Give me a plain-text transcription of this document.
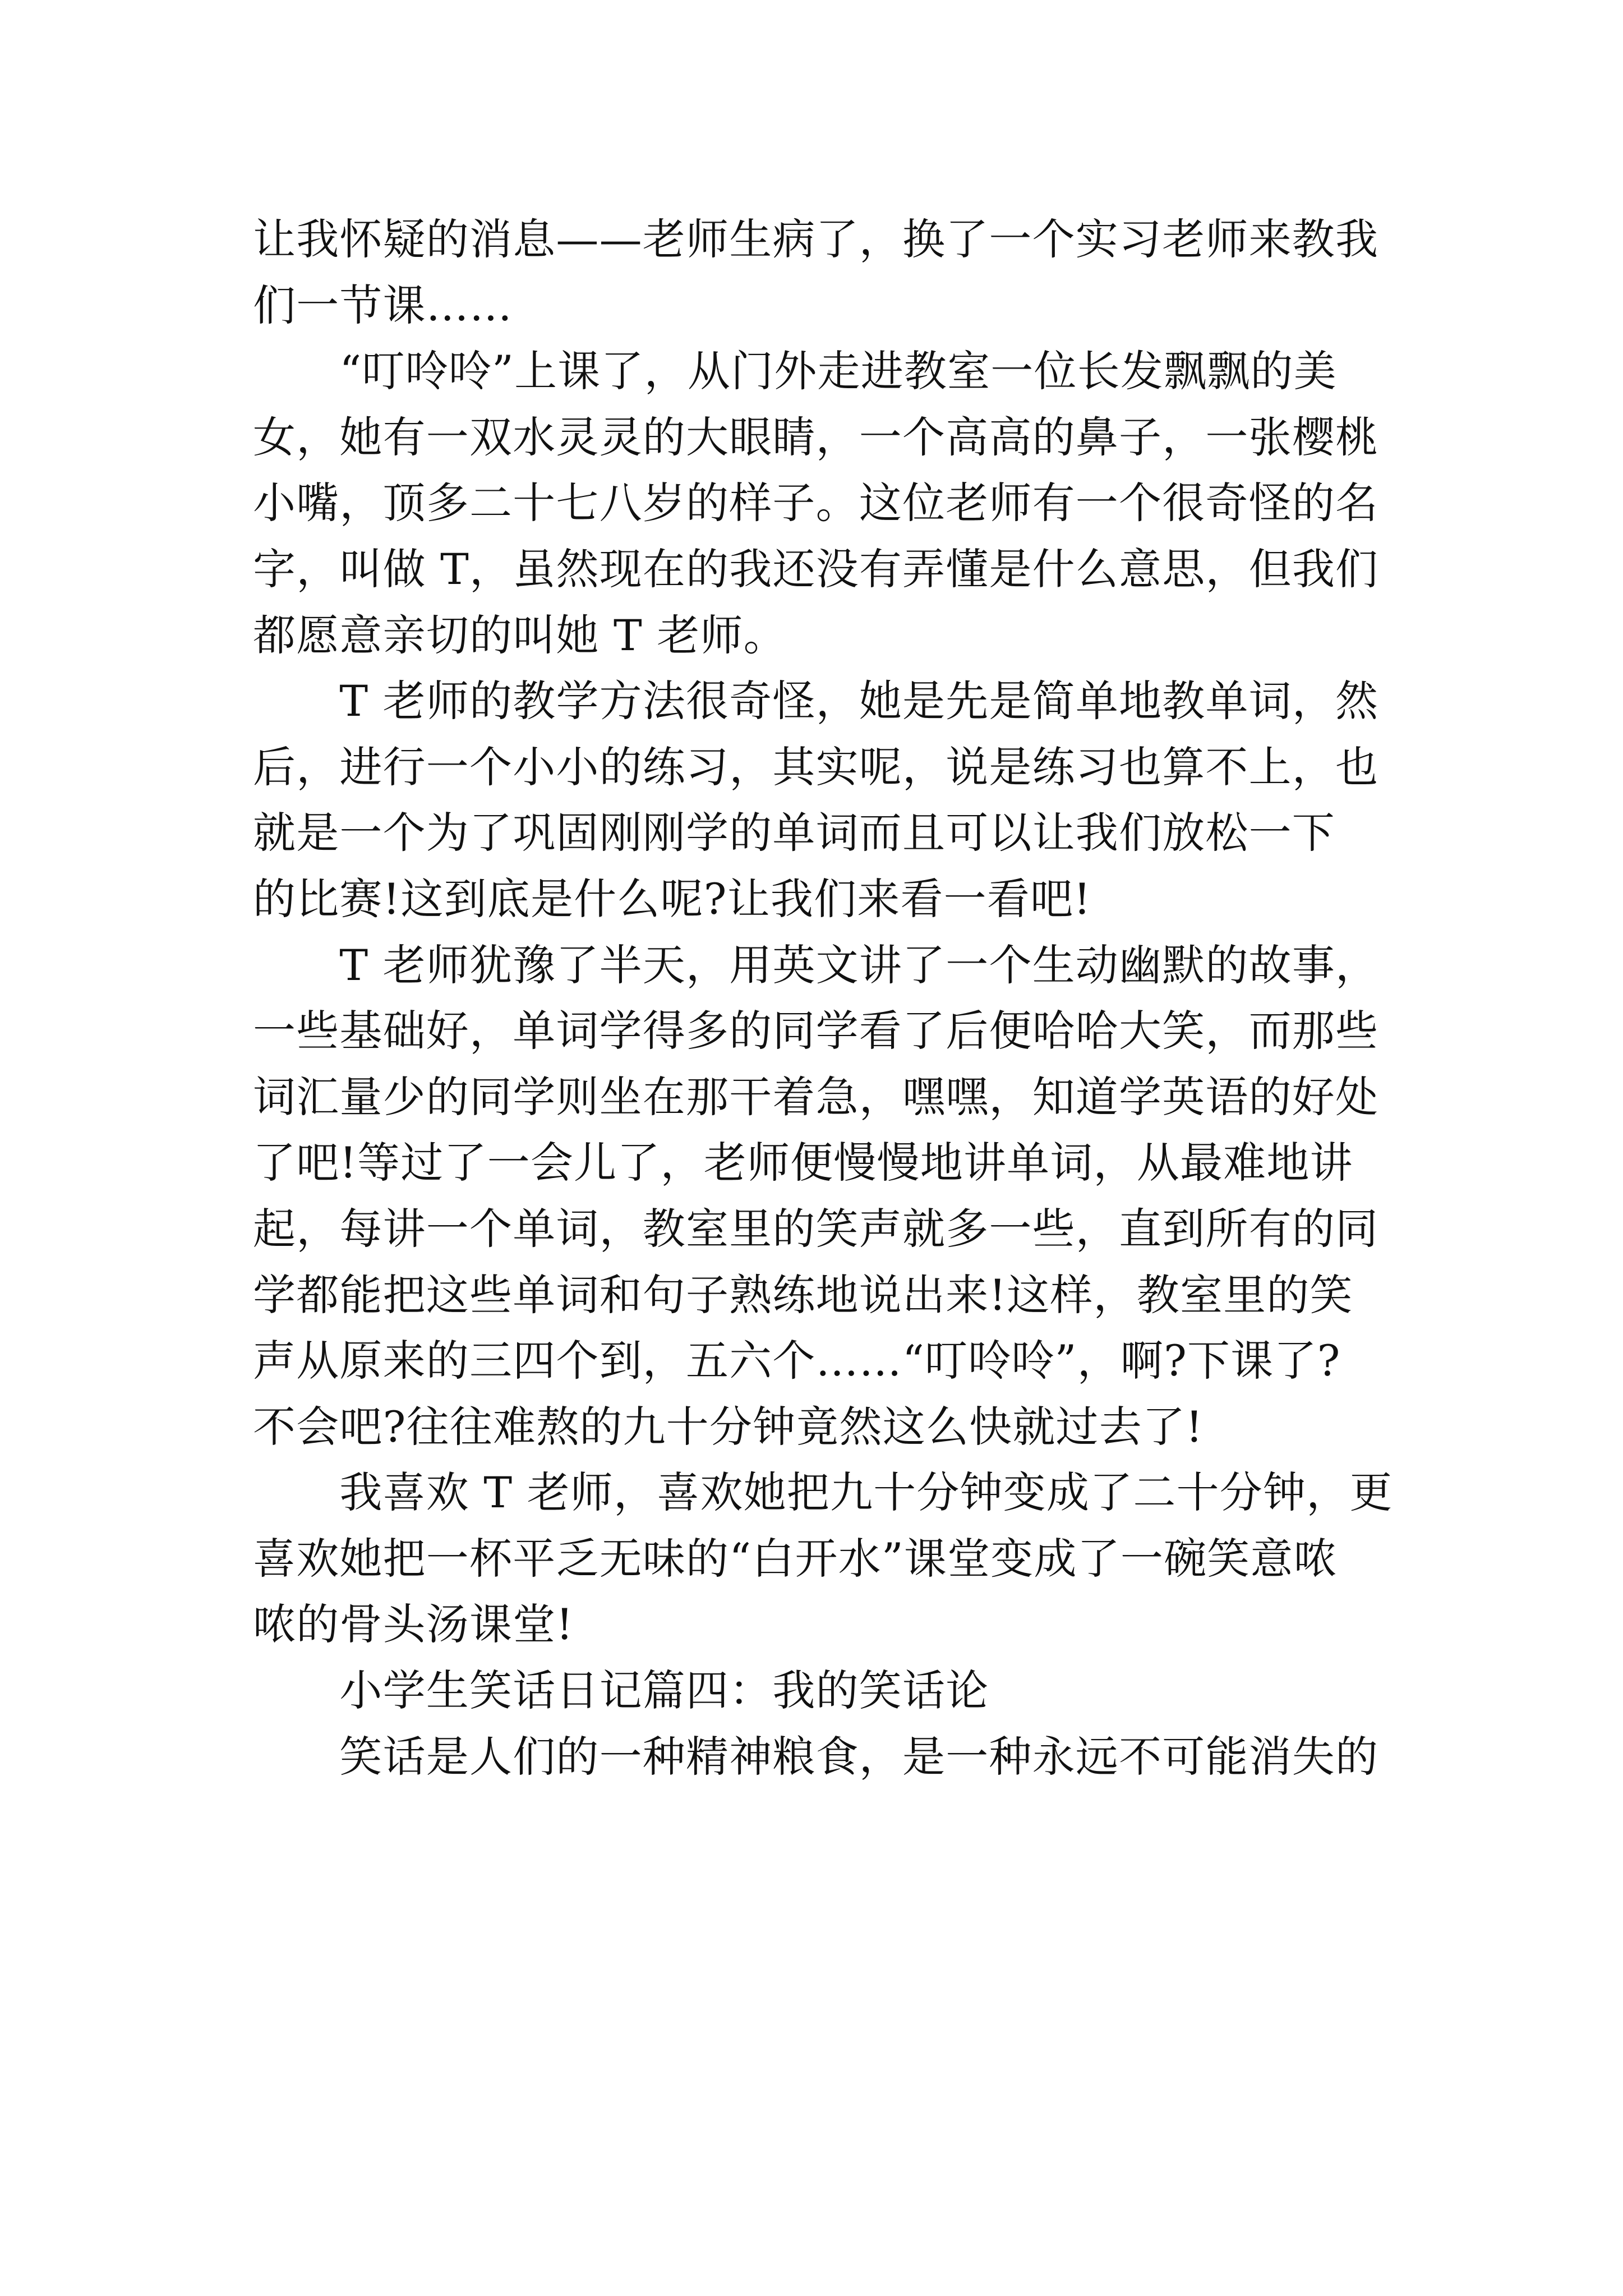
让我怀疑的消息——老师生病了，换了一个实习老师来教我
们一节课……
　　“叮呤呤”上课了，从门外走进教室一位长发飘飘的美
女，她有一双水灵灵的大眼睛，一个高高的鼻子，一张樱桃
小嘴，顶多二十七八岁的样子。这位老师有一个很奇怪的名
字，叫做 T，虽然现在的我还没有弄懂是什么意思，但我们
都愿意亲切的叫她 T 老师。
　　T 老师的教学方法很奇怪，她是先是简单地教单词，然
后，进行一个小小的练习，其实呢，说是练习也算不上，也
就是一个为了巩固刚刚学的单词而且可以让我们放松一下
的比赛!这到底是什么呢?让我们来看一看吧!
　　T 老师犹豫了半天，用英文讲了一个生动幽默的故事，
一些基础好，单词学得多的同学看了后便哈哈大笑，而那些
词汇量少的同学则坐在那干着急，嘿嘿，知道学英语的好处
了吧!等过了一会儿了，老师便慢慢地讲单词，从最难地讲
起，每讲一个单词，教室里的笑声就多一些，直到所有的同
学都能把这些单词和句子熟练地说出来!这样，教室里的笑
声从原来的三四个到，五六个……“叮呤呤”，啊?下课了?
不会吧?往往难熬的九十分钟竟然这么快就过去了!
　　我喜欢 T 老师，喜欢她把九十分钟变成了二十分钟，更
喜欢她把一杯平乏无味的“白开水”课堂变成了一碗笑意哝
哝的骨头汤课堂!
　　小学生笑话日记篇四：我的笑话论
　　笑话是人们的一种精神粮食，是一种永远不可能消失的
